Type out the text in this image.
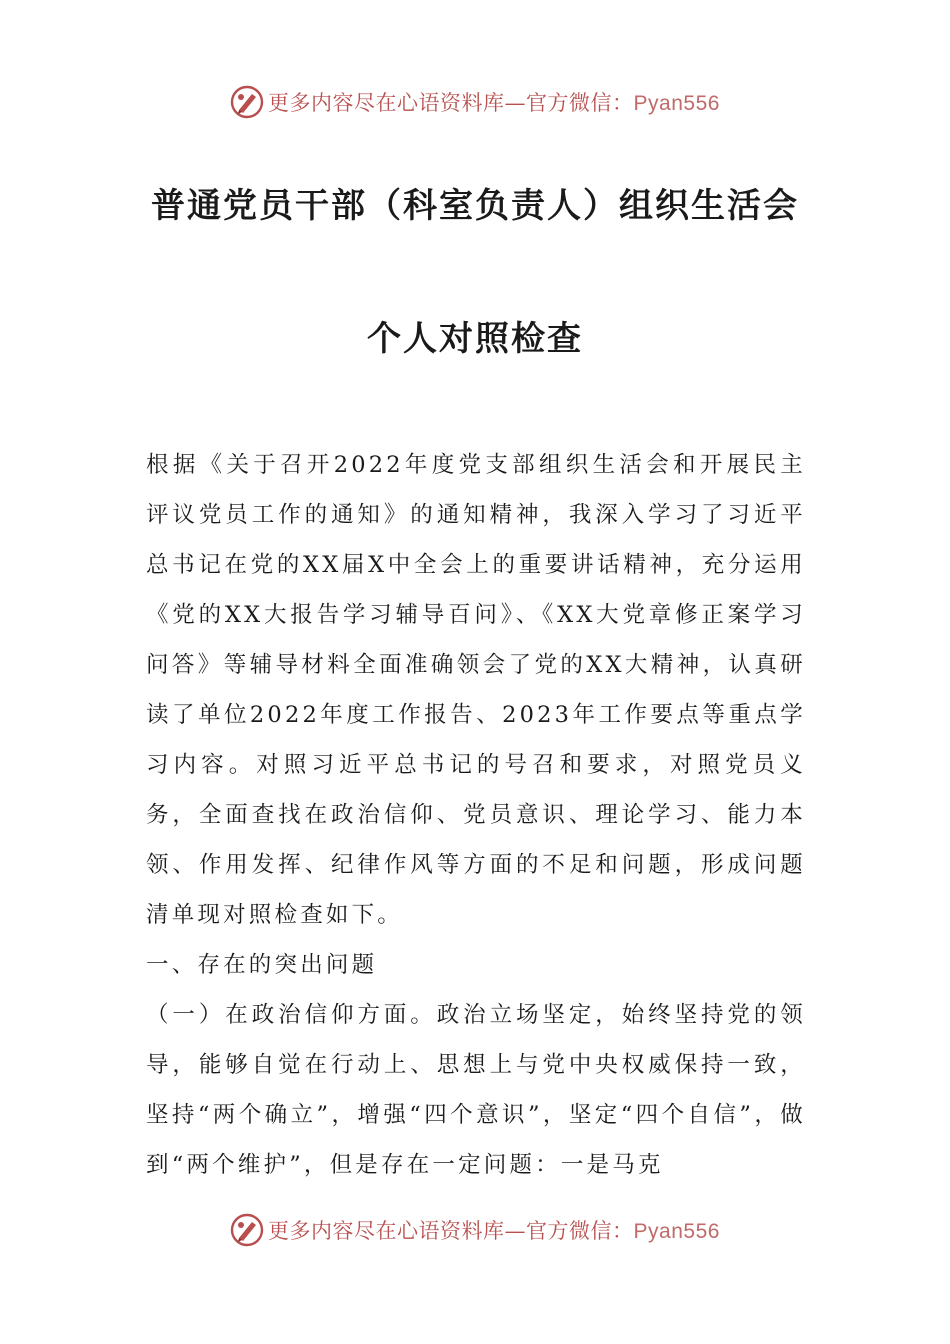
更多内容尽在心语资料库—官方微信：Pyan556
普通党员干部（科室负责人）组织生活会
个人对照检查

根据《关于召开2022年度党支部组织生活会和开展民主评议党员工作的通知》的通知精神，我深入学习了习近平总书记在党的XX届X中全会上的重要讲话精神，充分运用《党的XX大报告学习辅导百问》、《XX大党章修正案学习问答》等辅导材料全面准确领会了党的XX大精神，认真研读了单位2022年度工作报告、2023年工作要点等重点学习内容。对照习近平总书记的号召和要求，对照党员义务，全面查找在政治信仰、党员意识、理论学习、能力本领、作用发挥、纪律作风等方面的不足和问题，形成问题清单现对照检查如下。

一、存在的突出问题

（一）在政治信仰方面。政治立场坚定，始终坚持党的领导，能够自觉在行动上、思想上与党中央权威保持一致，坚持“两个确立”，增强“四个意识”，坚定“四个自信”，做到“两个维护”，但是存在一定问题：一是马克

更多内容尽在心语资料库—官方微信：Pyan556
